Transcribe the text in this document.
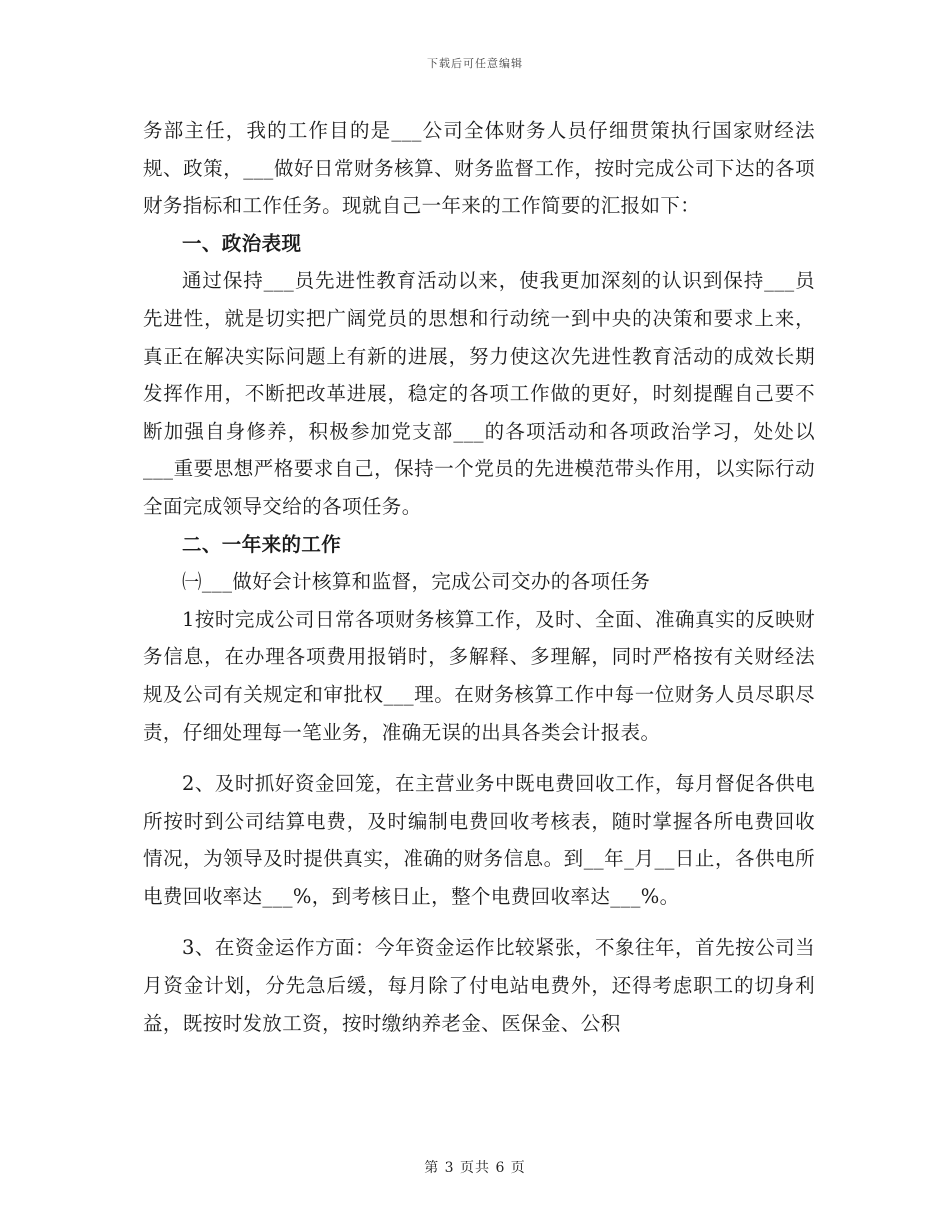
下载后可任意编辑

务部主任，我的工作目的是___公司全体财务人员仔细贯策执行国家财经法规、政策，___做好日常财务核算、财务监督工作，按时完成公司下达的各项财务指标和工作任务。现就自己一年来的工作简要的汇报如下：

一、政治表现

通过保持___员先进性教育活动以来，使我更加深刻的认识到保持___员先进性，就是切实把广阔党员的思想和行动统一到中央的决策和要求上来，真正在解决实际问题上有新的进展，努力使这次先进性教育活动的成效长期发挥作用，不断把改革进展，稳定的各项工作做的更好，时刻提醒自己要不断加强自身修养，积极参加党支部___的各项活动和各项政治学习，处处以___重要思想严格要求自己，保持一个党员的先进模范带头作用，以实际行动全面完成领导交给的各项任务。

二、一年来的工作

㈠___做好会计核算和监督，完成公司交办的各项任务

1按时完成公司日常各项财务核算工作，及时、全面、准确真实的反映财务信息，在办理各项费用报销时，多解释、多理解，同时严格按有关财经法规及公司有关规定和审批权___理。在财务核算工作中每一位财务人员尽职尽责，仔细处理每一笔业务，准确无误的出具各类会计报表。

2、及时抓好资金回笼，在主营业务中既电费回收工作，每月督促各供电所按时到公司结算电费，及时编制电费回收考核表，随时掌握各所电费回收情况，为领导及时提供真实，准确的财务信息。到__年_月__日止，各供电所电费回收率达___%，到考核日止，整个电费回收率达___%。

3、在资金运作方面：今年资金运作比较紧张，不象往年，首先按公司当月资金计划，分先急后缓，每月除了付电站电费外，还得考虑职工的切身利益，既按时发放工资，按时缴纳养老金、医保金、公积

第 3 页共 6 页
